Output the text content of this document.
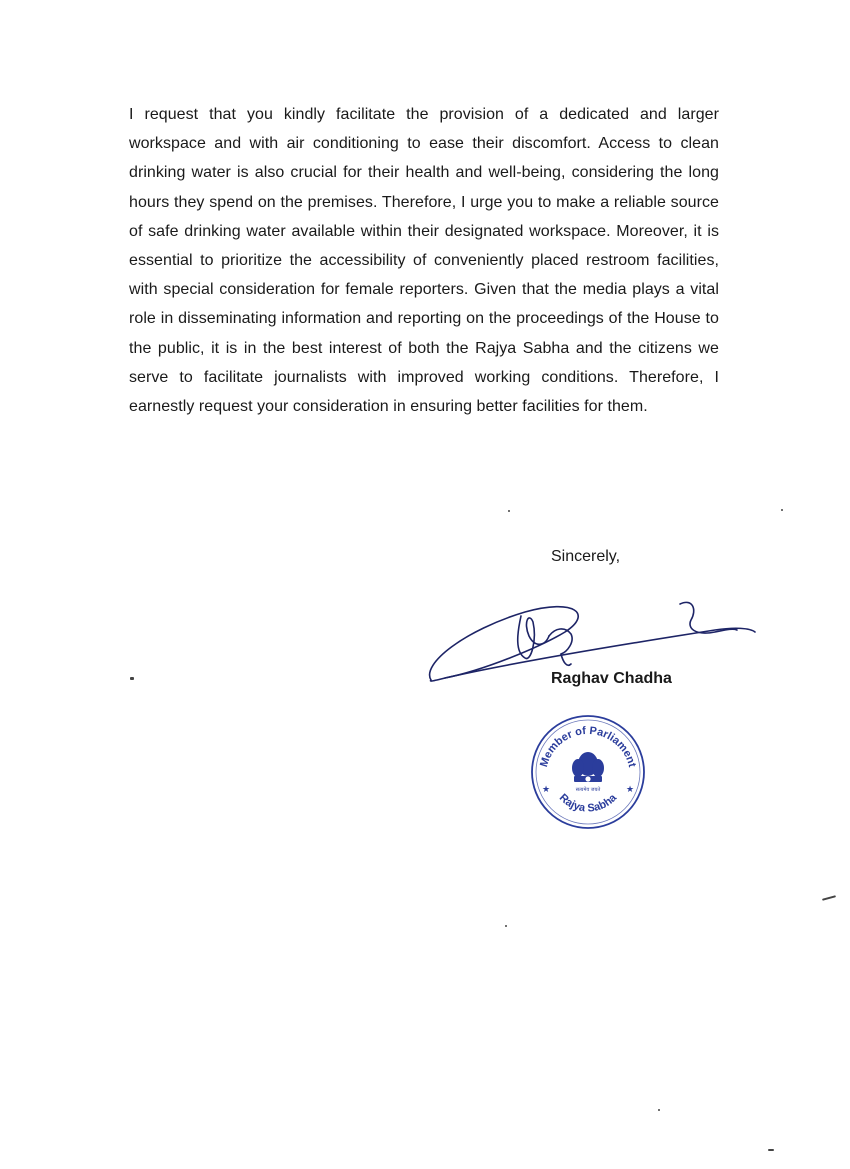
I request that you kindly facilitate the provision of a dedicated and larger workspace and with air conditioning to ease their discomfort. Access to clean drinking water is also crucial for their health and well-being, considering the long hours they spend on the premises. Therefore, I urge you to make a reliable source of safe drinking water available within their designated workspace. Moreover, it is essential to prioritize the accessibility of conveniently placed restroom facilities, with special consideration for female reporters. Given that the media plays a vital role in disseminating information and reporting on the proceedings of the House to the public, it is in the best interest of both the Rajya Sabha and the citizens we serve to facilitate journalists with improved working conditions. Therefore, I earnestly request your consideration in ensuring better facilities for them.

Sincerely,

Raghav Chadha

Member of Parliament
Rajya Sabha
★	★
सत्यमेव जयते
